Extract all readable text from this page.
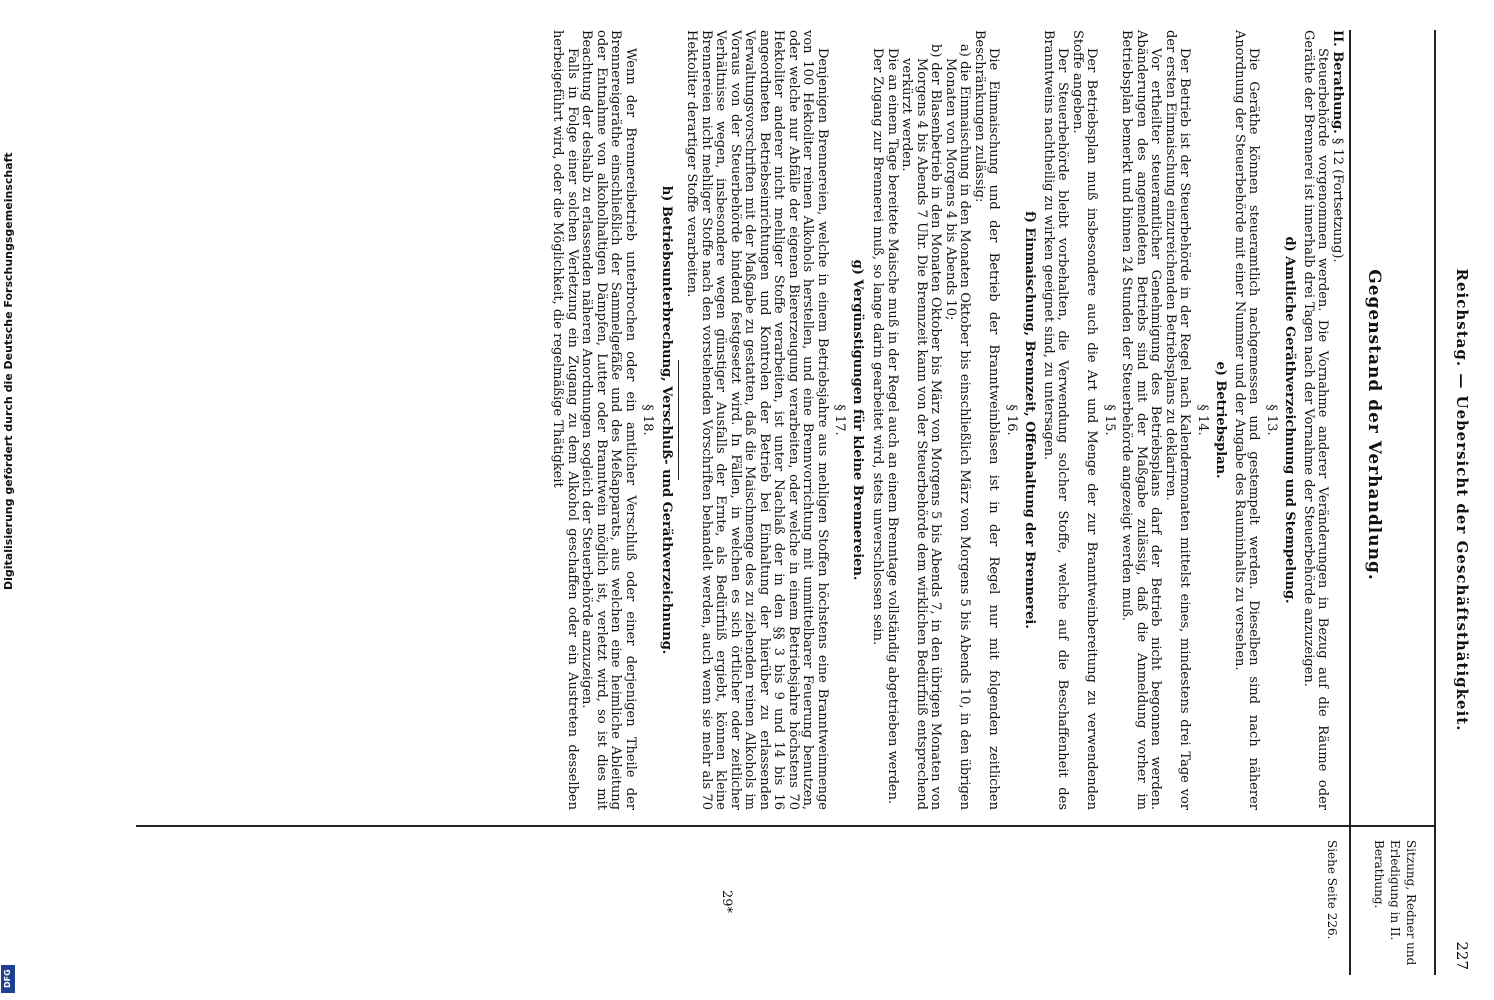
Digitalisierung gefördert durch die Deutsche Forschungsgemeinschaft
DFG
Reichstag. — Uebersicht der Geschäftsthätigkeit.
227
Gegenstand der Verhandlung.
Sitzung, Redner und Erledigung in II. Berathung.
Siehe Seite 226.

II. Berathung. § 12 (Fortsetzung).

Steuerbehörde vorgenommen werden. Die Vornahme anderer Veränderungen in Bezug auf die Räume oder Geräthe der Brennerei ist innerhalb drei Tagen nach der Vornahme der Steuerbehörde anzuzeigen.

d) Amtliche Geräthverzeichnung und Stempelung.
§ 13.

Die Geräthe können steueramtlich nachgemessen und gestempelt werden. Dieselben sind nach näherer Anordnung der Steuerbehörde mit einer Nummer und der Angabe des Rauminhalts zu versehen.

e) Betriebsplan.
§ 14.

Der Betrieb ist der Steuerbehörde in der Regel nach Kalendermonaten mittelst eines, mindestens drei Tage vor der ersten Einmaischung einzureichenden Betriebsplans zu deklariren.

Vor ertheilter steueramtlicher Genehmigung des Betriebsplans darf der Betrieb nicht begonnen werden. Abänderungen des angemeldeten Betriebs sind mit der Maßgabe zulässig, daß die Anmeldung vorher im Betriebsplan bemerkt und binnen 24 Stunden der Steuerbehörde angezeigt werden muß.

§ 15.

Der Betriebsplan muß insbesondere auch die Art und Menge der zur Branntweinbereitung zu verwendenden Stoffe angeben.

Der Steuerbehörde bleibt vorbehalten, die Verwendung solcher Stoffe, welche auf die Beschaffenheit des Branntweins nachtheilig zu wirken geeignet sind, zu untersagen.

f) Einmaischung, Brennzeit, Offenhaltung der Brennerei.
§ 16.

Die Einmaischung und der Betrieb der Branntweinblasen ist in der Regel nur mit folgenden zeitlichen Beschränkungen zulässig:

a) die Einmaischung in den Monaten Oktober bis einschließlich März von Morgens 5 bis Abends 10, in den übrigen Monaten von Morgens 4 bis Abends 10;

b) der Blasenbetrieb in den Monaten Oktober bis März von Morgens 5 bis Abends 7, in den übrigen Monaten von Morgens 4 bis Abends 7 Uhr. Die Brennzeit kann von der Steuerbehörde dem wirklichen Bedürfniß entsprechend verkürzt werden.

Die an einem Tage bereitete Maische muß in der Regel auch an einem Brenntage vollständig abgetrieben werden.

Der Zugang zur Brennerei muß, so lange darin gearbeitet wird, stets unverschlossen sein.

g) Vergünstigungen für kleine Brennereien.
§ 17.

Denjenigen Brennereien, welche in einem Betriebsjahre aus mehligen Stoffen höchstens eine Branntweinmenge von 100 Hektoliter reinen Alkohols herstellen, und eine Brennvorrichtung mit unmittelbarer Feuerung benutzen, oder welche nur Abfälle der eigenen Biererzeugung verarbeiten, oder welche in einem Betriebsjahre höchstens 70 Hektoliter anderer nicht mehliger Stoffe verarbeiten, ist unter Nachlaß der in den §§ 3 bis 9 und 14 bis 16 angeordneten Betriebseinrichtungen und Kontrolen der Betrieb bei Einhaltung der hierüber zu erlassenden Verwaltungsvorschriften mit der Maßgabe zu gestatten, daß die Maischmenge des zu ziehenden reinen Alkohols im Voraus von der Steuerbehörde bindend festgesetzt wird. In Fällen, in welchen es sich örtlicher oder zeitlicher Verhältnisse wegen, insbesondere wegen günstiger Ausfalls der Ernte, als Bedürfniß ergiebt, können kleine Brennereien nicht mehliger Stoffe nach den vorstehenden Vorschriften behandelt werden, auch wenn sie mehr als 70 Hektoliter derartiger Stoffe verarbeiten.

h) Betriebsunterbrechung, Verschluß- und Geräthverzeichnung.
§ 18.

Wenn der Brennereibetrieb unterbrochen oder ein amtlicher Verschluß oder einer derjenigen Theile der Brennereigeräthe einschließlich der Sammelgefäße und des Meßapparats, aus welchen eine heimliche Ableitung oder Entnahme von alkoholhaltigen Dämpfen, Lutter oder Branntwein möglich ist, verletzt wird, so ist dies mit Beachtung der deshalb zu erlassenden näheren Anordnungen sogleich der Steuerbehörde anzuzeigen.

Falls in Folge einer solchen Verletzung ein Zugang zu dem Alkohol geschaffen oder ein Austreten desselben herbeigeführt wird, oder die Möglichkeit, die regelmäßige Thätigkeit

29*
